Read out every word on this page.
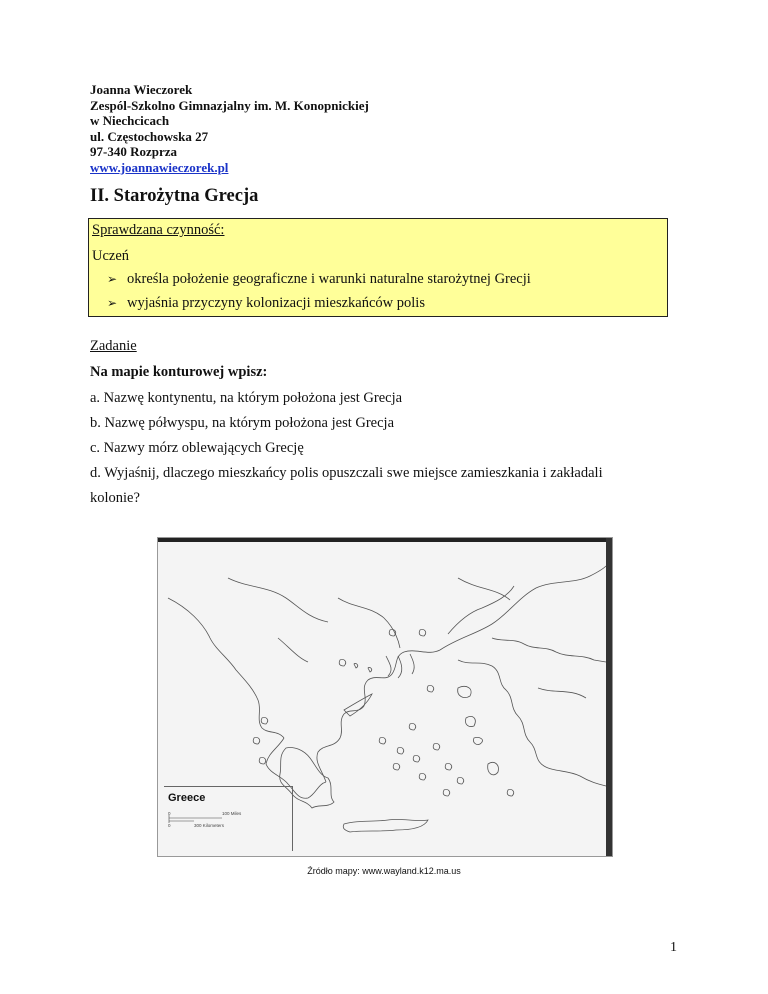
Joanna Wieczorek
Zespól-Szkolno Gimnazjalny im. M. Konopnickiej
w Niechcicach
ul. Częstochowska 27
97-340 Rozprza
www.joannawieczorek.pl
II. Starożytna Grecja
Sprawdzana czynność:
Uczeń
➢ określa położenie geograficzne i warunki naturalne starożytnej Grecji
➢ wyjaśnia przyczyny kolonizacji mieszkańców polis
Zadanie
Na mapie konturowej wpisz:
a. Nazwę kontynentu, na którym położona jest Grecja
b. Nazwę półwyspu, na którym położona jest Grecja
c. Nazwy mórz oblewających Grecję
d. Wyjaśnij, dlaczego mieszkańcy polis opuszczali swe miejsce zamieszkania i zakładali
kolonie?
Greece
0	100 Miles
0	300 Kilometers
Źródło mapy: www.wayland.k12.ma.us
1
